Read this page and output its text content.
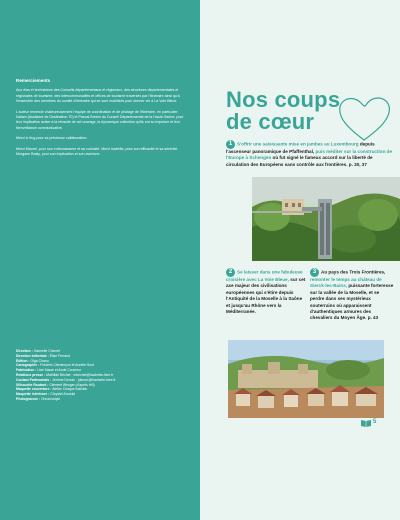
Remerciements

Aux élus et techniciens des Conseils départementaux et régionaux, des structures départementales et régionales de tourisme, des intercommunalités et offices de tourisme traversés par l'itinéraire ainsi qu'à l'ensemble des membres du comité d'itinéraire qui se sont mobilisés pour donner vie à La Voie Bleue.

L'auteur remercie chaleureusement l'équipe de coordination et de pilotage de l'itinéraire, en particulier Naïam (Assistant de Destination 70) et Pascal Breton du Conseil Départemental de la Haute-Saône, pour leur implication active à la réussite de cet ouvrage, la dynamique collective qu'ils ont su impulser et leur bienveillance communicative.

Merci à Hug pour sa précieuse collaboration.

Merci Maurel, pour son enthousiasme et sa curiosité. Merci Isabelle, pour son efficacité et sa sérénité. Morgane Basly, pour son implication et son aventure.

Direction : Gabrielle Chemel
Direction éditoriale : Élise Ferrand
Édition : Olga Chanu
Cartographie : Frédéric Clémençon et Aurélie Huot
Fabrication : Lise Sasse et Aude Couvreur
Relations presse : Mathilde Béchet · mbechet@hachette-livre.fr
Contact Partenariats : Jérôme Denoix · jdenoix@hachette-livre.fr
Silhouette Routard : Clément Wenger (d'après Hill)
Maquette couverture : Atelier Chaque Individu
Maquette intérieure : Chrystel Arnould
Photogravure : Chromostyle
Nos coups
de cœur
1 S'offrir une saisissante mise en jambes au Luxembourg depuis l'ascenseur panoramique de Pfaffenthal, puis méditer sur la construction de l'Europe à Schengen où fut signé le fameux accord sur la liberté de circulation des Européens sans contrôle aux frontières. p. 30, 37
2 Se laisser dans une fabuleuse croisière avec La Voie Bleue, sur cet axe majeur des civilisations européennes qui s'étire depuis l'Antiquité de la Moselle à la Saône et jusqu'au Rhône vers la Méditerranée.
3 Au pays des Trois Frontières, remonter le temps au château de Sierck-les-Bains, puissante forteresse sur la vallée de la Moselle, et se perdre dans ses mystérieux souterrains où apparaissent d'authentiques armures des chevaliers du Moyen Âge. p. 43
5
